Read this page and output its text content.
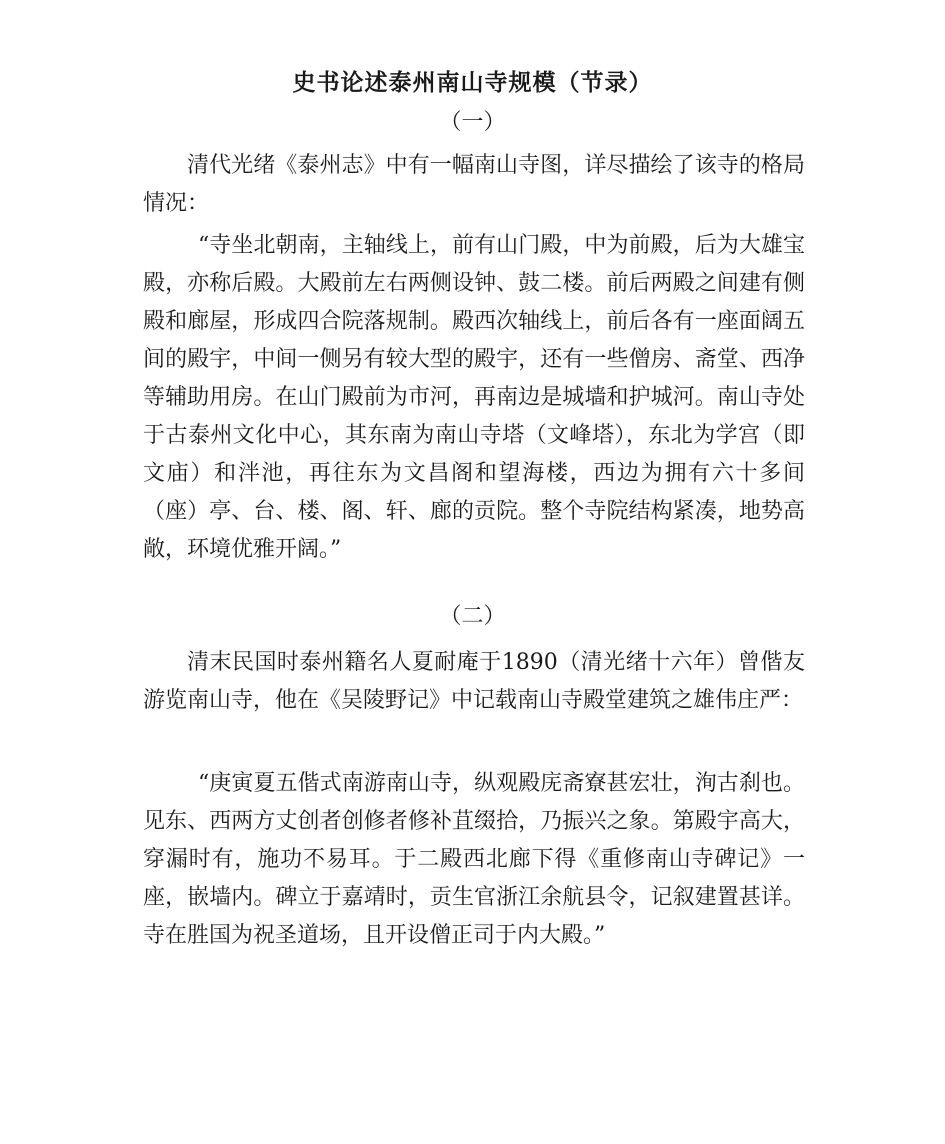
史书论述泰州南山寺规模（节录）
（一）

清代光绪《泰州志》中有一幅南山寺图，详尽描绘了该寺的格局情况：

“寺坐北朝南，主轴线上，前有山门殿，中为前殿，后为大雄宝殿，亦称后殿。大殿前左右两侧设钟、鼓二楼。前后两殿之间建有侧殿和廊屋，形成四合院落规制。殿西次轴线上，前后各有一座面阔五间的殿宇，中间一侧另有较大型的殿宇，还有一些僧房、斋堂、西净等辅助用房。在山门殿前为市河，再南边是城墙和护城河。南山寺处于古泰州文化中心，其东南为南山寺塔（文峰塔），东北为学宫（即文庙）和泮池，再往东为文昌阁和望海楼，西边为拥有六十多间（座）亭、台、楼、阁、轩、廊的贡院。整个寺院结构紧凑，地势高敞，环境优雅开阔。”

（二）

清末民国时泰州籍名人夏耐庵于1890（清光绪十六年）曾偕友游览南山寺，他在《吴陵野记》中记载南山寺殿堂建筑之雄伟庄严：

“庚寅夏五偕式南游南山寺，纵观殿庑斋寮甚宏壮，洵古刹也。见东、西两方丈创者创修者修补苴缀拾，乃振兴之象。第殿宇高大，穿漏时有，施功不易耳。于二殿西北廊下得《重修南山寺碑记》一座，嵌墙内。碑立于嘉靖时，贡生官浙江余航县令，记叙建置甚详。寺在胜国为祝圣道场，且开设僧正司于内大殿。”
